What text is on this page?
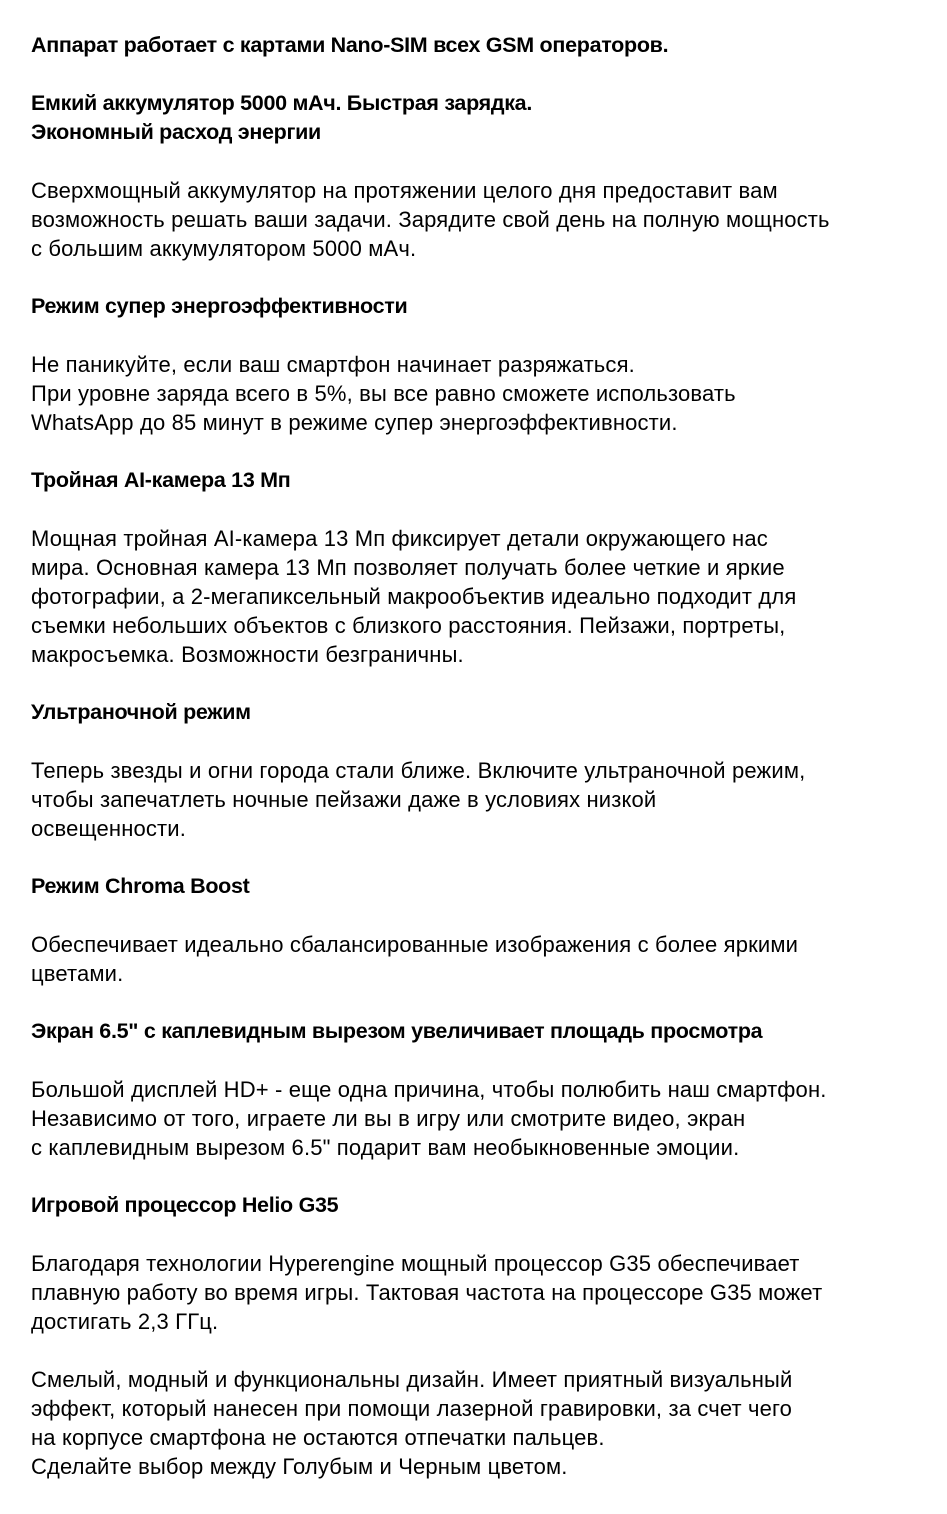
Аппарат работает с картами Nano-SIM всех GSM операторов.
Емкий аккумулятор 5000 мАч. Быстрая зарядка.
Экономный расход энергии
Сверхмощный аккумулятор на протяжении целого дня предоставит вам
возможность решать ваши задачи. Зарядите свой день на полную мощность
с большим аккумулятором 5000 мАч.
Режим супер энергоэффективности
Не паникуйте, если ваш смартфон начинает разряжаться.
При уровне заряда всего в 5%, вы все равно сможете использовать
WhatsApp до 85 минут в режиме супер энергоэффективности.
Тройная AI-камера 13 Мп
Мощная тройная AI-камера 13 Мп фиксирует детали окружающего нас
мира. Основная камера 13 Мп позволяет получать более четкие и яркие
фотографии, а 2-мегапиксельный макрообъектив идеально подходит для
съемки небольших объектов с близкого расстояния. Пейзажи, портреты,
макросъемка. Возможности безграничны.
Ультраночной режим
Теперь звезды и огни города стали ближе. Включите ультраночной режим,
чтобы запечатлеть ночные пейзажи даже в условиях низкой
освещенности.
Режим Chroma Boost
Обеспечивает идеально сбалансированные изображения с более яркими
цветами.
Экран 6.5" с каплевидным вырезом увеличивает площадь просмотра
Большой дисплей HD+ - еще одна причина, чтобы полюбить наш смартфон.
Независимо от того, играете ли вы в игру или смотрите видео, экран
с каплевидным вырезом 6.5" подарит вам необыкновенные эмоции.
Игровой процессор Helio G35
Благодаря технологии Hyperengine мощный процессор G35 обеспечивает
плавную работу во время игры. Тактовая частота на процессоре G35 может
достигать 2,3 ГГц.
Смелый, модный и функциональны дизайн. Имеет приятный визуальный
эффект, который нанесен при помощи лазерной гравировки, за счет чего
на корпусе смартфона не остаются отпечатки пальцев.
Сделайте выбор между Голубым и Черным цветом.
